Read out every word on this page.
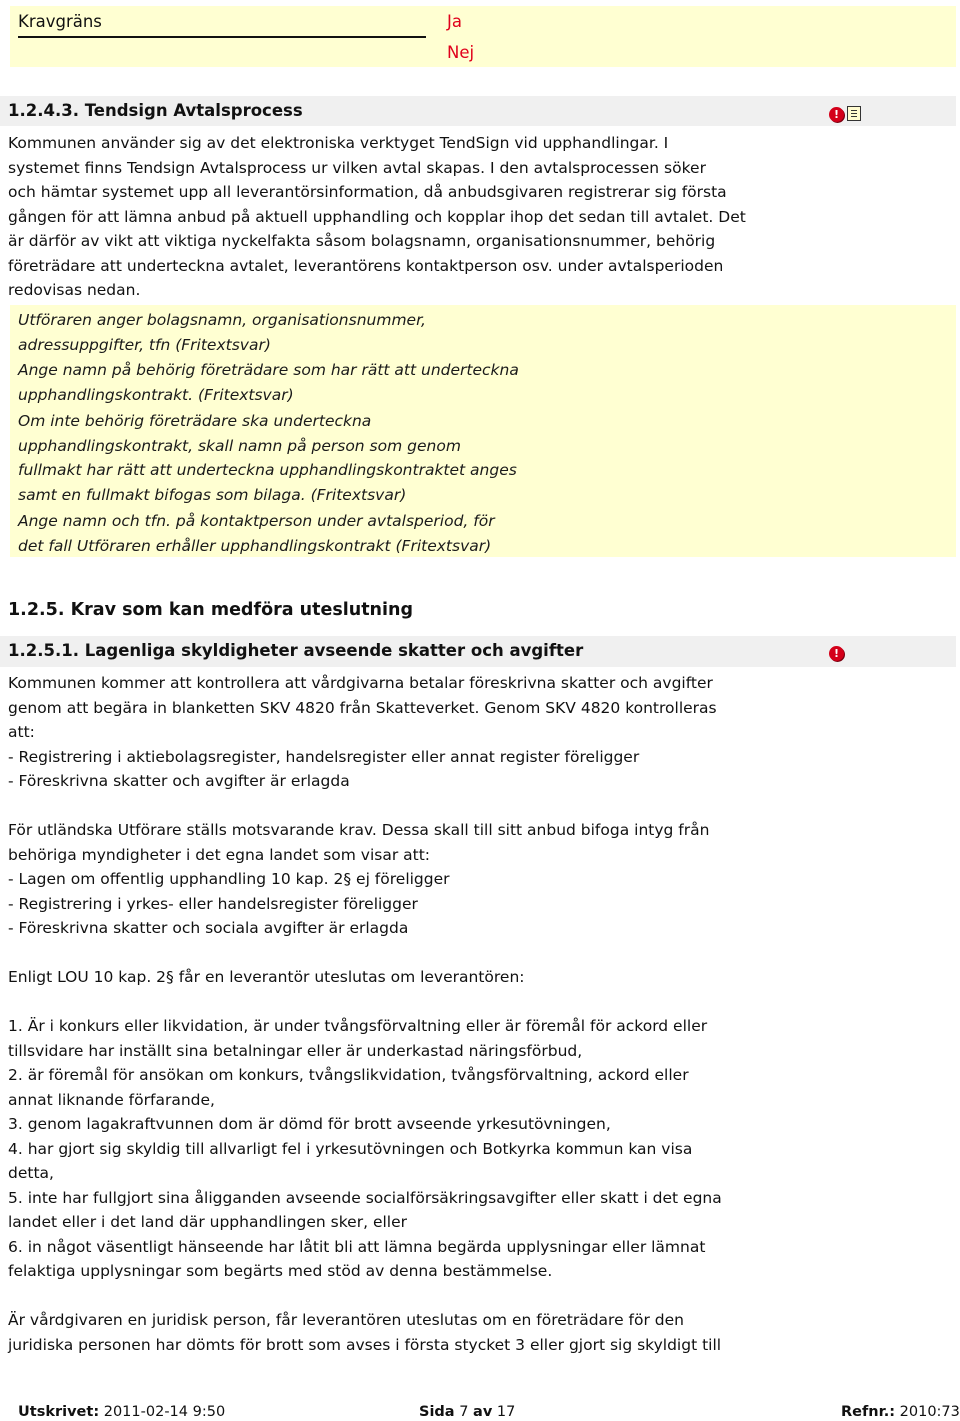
Kravgräns	Ja
Nej
1.2.4.3. Tendsign Avtalsprocess	!
Kommunen använder sig av det elektroniska verktyget TendSign vid upphandlingar. I
systemet finns Tendsign Avtalsprocess ur vilken avtal skapas. I den avtalsprocessen söker
och hämtar systemet upp all leverantörsinformation, då anbudsgivaren registrerar sig första
gången för att lämna anbud på aktuell upphandling och kopplar ihop det sedan till avtalet. Det
är därför av vikt att viktiga nyckelfakta såsom bolagsnamn, organisationsnummer, behörig
företrädare att underteckna avtalet, leverantörens kontaktperson osv. under avtalsperioden
redovisas nedan.
Utföraren anger bolagsnamn, organisationsnummer,
adressuppgifter, tfn (Fritextsvar)
Ange namn på behörig företrädare som har rätt att underteckna
upphandlingskontrakt. (Fritextsvar)
Om inte behörig företrädare ska underteckna
upphandlingskontrakt, skall namn på person som genom
fullmakt har rätt att underteckna upphandlingskontraktet anges
samt en fullmakt bifogas som bilaga. (Fritextsvar)
Ange namn och tfn. på kontaktperson under avtalsperiod, för
det fall Utföraren erhåller upphandlingskontrakt (Fritextsvar)
1.2.5. Krav som kan medföra uteslutning
1.2.5.1. Lagenliga skyldigheter avseende skatter och avgifter	!
Kommunen kommer att kontrollera att vårdgivarna betalar föreskrivna skatter och avgifter
genom att begära in blanketten SKV 4820 från Skatteverket. Genom SKV 4820 kontrolleras
att:
- Registrering i aktiebolagsregister, handelsregister eller annat register föreligger
- Föreskrivna skatter och avgifter är erlagda
För utländska Utförare ställs motsvarande krav. Dessa skall till sitt anbud bifoga intyg från
behöriga myndigheter i det egna landet som visar att:
- Lagen om offentlig upphandling 10 kap. 2§ ej föreligger
- Registrering i yrkes- eller handelsregister föreligger
- Föreskrivna skatter och sociala avgifter är erlagda
Enligt LOU 10 kap. 2§ får en leverantör uteslutas om leverantören:
1. Är i konkurs eller likvidation, är under tvångsförvaltning eller är föremål för ackord eller
tillsvidare har inställt sina betalningar eller är underkastad näringsförbud,
2. är föremål för ansökan om konkurs, tvångslikvidation, tvångsförvaltning, ackord eller
annat liknande förfarande,
3. genom lagakraftvunnen dom är dömd för brott avseende yrkesutövningen,
4. har gjort sig skyldig till allvarligt fel i yrkesutövningen och Botkyrka kommun kan visa
detta,
5. inte har fullgjort sina åligganden avseende socialförsäkringsavgifter eller skatt i det egna
landet eller i det land där upphandlingen sker, eller
6. in något väsentligt hänseende har låtit bli att lämna begärda upplysningar eller lämnat
felaktiga upplysningar som begärts med stöd av denna bestämmelse.
Är vårdgivaren en juridisk person, får leverantören uteslutas om en företrädare för den
juridiska personen har dömts för brott som avses i första stycket 3 eller gjort sig skyldigt till
Utskrivet: 2011-02-14 9:50	Sida 7 av 17	Refnr.: 2010:73
